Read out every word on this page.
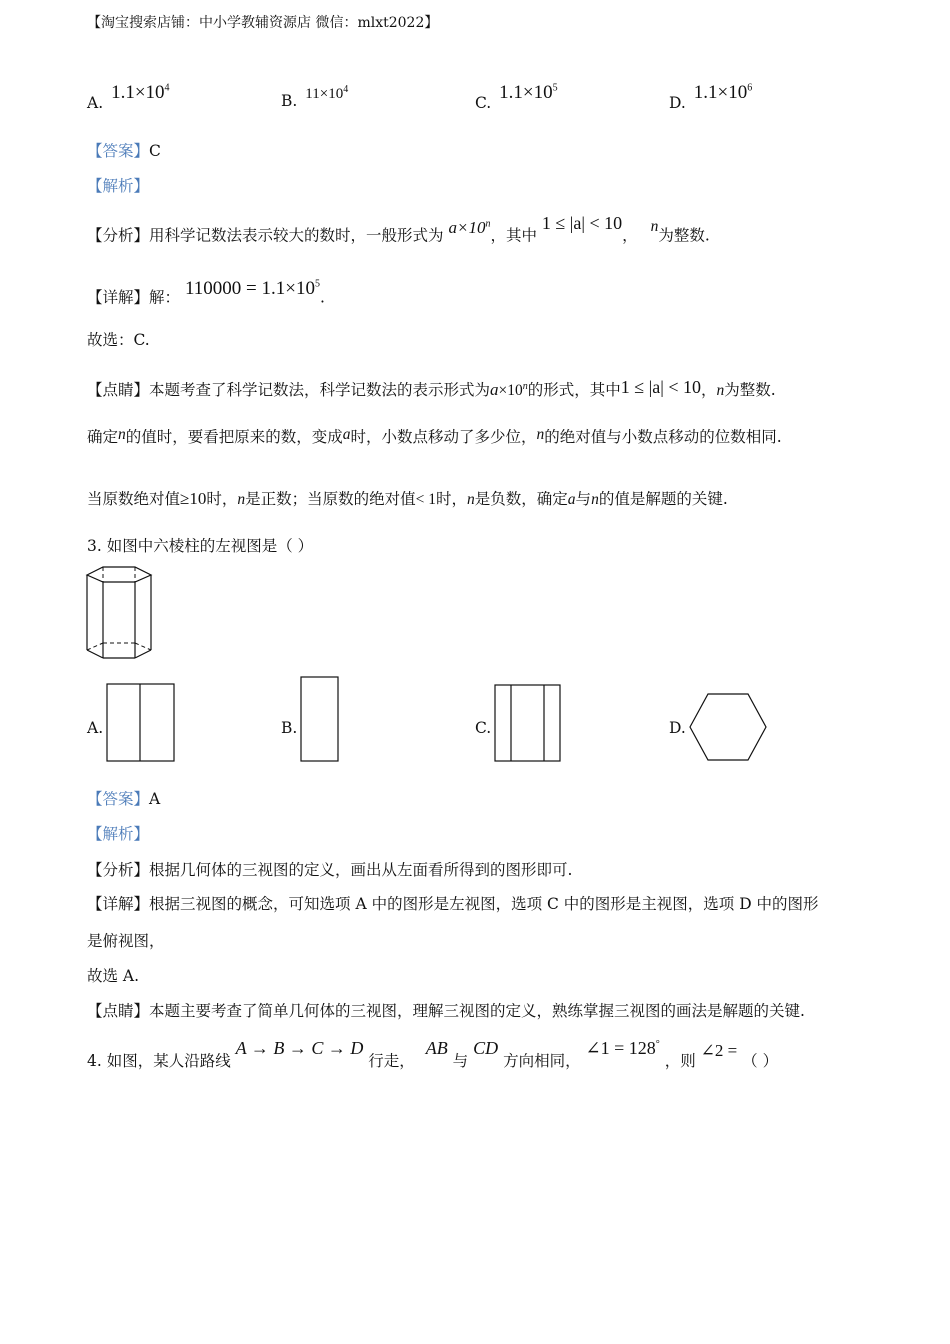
【淘宝搜索店铺：中小学教辅资源店 微信：mlxt2022】
A. $1.1\times 10^4$
B. $11\times 10^4$
C. $1.1\times 10^5$
D. $1.1\times 10^6$
【答案】C
【解析】
【分析】用科学记数法表示较大的数时，一般形式为 $a\times 10^n$，其中 1 ≤ |a| < 10， n为整数.
【详解】解： $110000 = 1.1\times 10^5$.
故选：C.
【点睛】本题考查了科学记数法，科学记数法的表示形式为$a\times 10^n$的形式，其中1 ≤ |a| < 10，n为整数.
确定n的值时，要看把原来的数，变成a时，小数点移动了多少位，n的绝对值与小数点移动的位数相同.
当原数绝对值≥10时，n是正数；当原数的绝对值< 1时，n是负数，确定a与n的值是解题的关键.
3. 如图中六棱柱的左视图是（ ）
A.	B.	C.	D.
【答案】A
【解析】
【分析】根据几何体的三视图的定义，画出从左面看所得到的图形即可.
【详解】根据三视图的概念，可知选项 A 中的图形是左视图，选项 C 中的图形是主视图，选项 D 中的图形
是俯视图，
故选 A.
【点睛】本题主要考查了简单几何体的三视图，理解三视图的定义，熟练掌握三视图的画法是解题的关键.
4. 如图，某人沿路线 A → B → C → D 行走， AB 与 CD 方向相同， ∠1 = 128° ，则 ∠2 = （ ）
